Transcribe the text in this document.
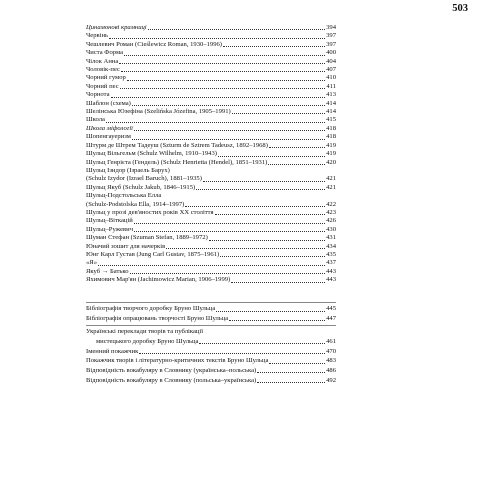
503
Цинамонові крамниці	394
Червінь	397
Чешлевич Роман (Cieślewicz Roman, 1930–1996)	397
Чиста Форма	400
Чілок Анна	404
Чоловік-пес	407
Чорний гумор	410
Чорний пес	411
Чорнота	413
Шаблон (схема)	414
Шелінська Юзефіна (Szelińska Józefina, 1905–1991)	414
Школа	415
Школа міфології	418
Шопенгауеризм	418
Штурм де Штрем Тадеуш (Szturm de Sztrem Tadeusz, 1892–1968)	419
Шульц Вільгельм (Schulz Wilhelm, 1910–1943)	419
Шульц Генрієта (Гендель) (Schulz Henrietta (Hendel), 1851–1931)	420
Шульц Ізидор (Ізраель Барух)
(Schulz Izydor (Izrael Baruch), 1881–1935)	421
Шульц Якуб (Schulz Jakub, 1846–1915)	421
Шульц-Подстольська Елла
(Schulz-Podstolska Ella, 1914–1997)	422
Шульц у прозі дев'яностих років XX століття	423
Шульц–Віткацій	426
Шульц–Ружевич	430
Шуман Стефан (Szuman Stefan, 1889–1972)	431
Юначий зошит для начерків	434
Юнг Карл Густав (Jung Carl Gustav, 1875–1961)	435
«Я»	437
Якуб → Батько	443
Яхимович Мар'ян (Jachimowicz Marian, 1906–1999)	443
Бібліографія творчого доробку Бруно Шульца	445
Бібліографія опрацювань творчості Бруно Шульца	447
Українські переклади творів та публікації
мистецького доробку Бруно Шульца	461
Іменний покажчик	470
Покажчик творів і літературно-критичних текстів Бруно Шульца	483
Відповідність вокабуляру в Словнику (українська–польська)	486
Відповідність вокабуляру в Словнику (польська–українська)	492
